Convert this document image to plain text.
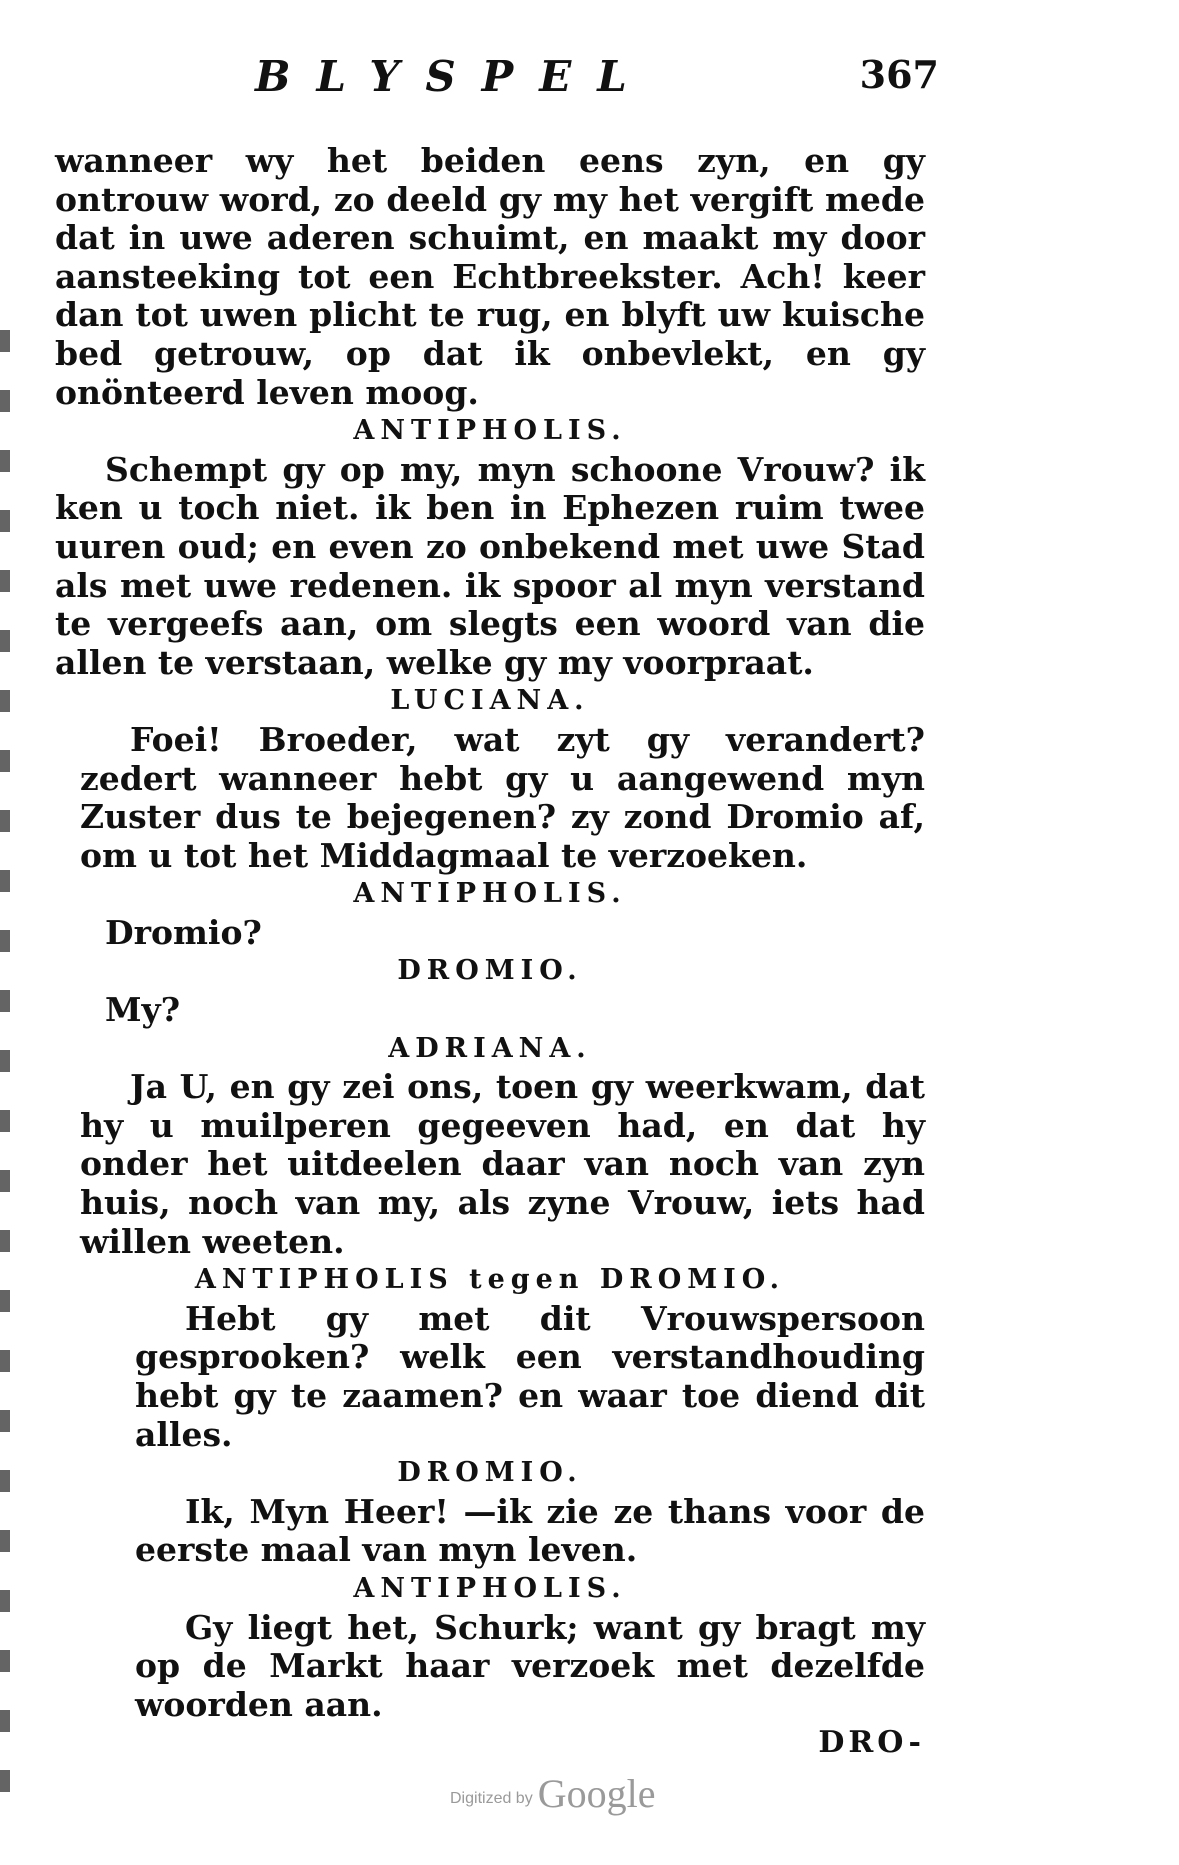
BLYSPEL	367

wanneer wy het beiden eens zyn, en gy ontrouw word, zo deeld gy my het vergift mede dat in uwe aderen schuimt, en maakt my door aansteeking tot een Echtbreekster. Ach! keer dan tot uwen plicht te rug, en blyft uw kuische bed getrouw, op dat ik onbevlekt, en gy onönteerd leven moog.

ANTIPHOLIS.

Schempt gy op my, myn schoone Vrouw? ik ken u toch niet. ik ben in Ephezen ruim twee uuren oud; en even zo onbekend met uwe Stad als met uwe redenen. ik spoor al myn verstand te vergeefs aan, om slegts een woord van die allen te verstaan, welke gy my voorpraat.

LUCIANA.

Foei! Broeder, wat zyt gy verandert? zedert wanneer hebt gy u aangewend myn Zuster dus te bejegenen? zy zond Dromio af, om u tot het Middagmaal te verzoeken.

ANTIPHOLIS.

Dromio?

DROMIO.

My?

ADRIANA.

Ja U, en gy zei ons, toen gy weerkwam, dat hy u muilperen gegeeven had, en dat hy onder het uitdeelen daar van noch van zyn huis, noch van my, als zyne Vrouw, iets had willen weeten.

ANTIPHOLIS tegen DROMIO.

Hebt gy met dit Vrouwspersoon gesprooken? welk een verstandhouding hebt gy te zaamen? en waar toe diend dit alles.

DROMIO.

Ik, Myn Heer! —ik zie ze thans voor de eerste maal van myn leven.

ANTIPHOLIS.

Gy liegt het, Schurk; want gy bragt my op de Markt haar verzoek met dezelfde woorden aan.

DRO-

Digitized by Google
